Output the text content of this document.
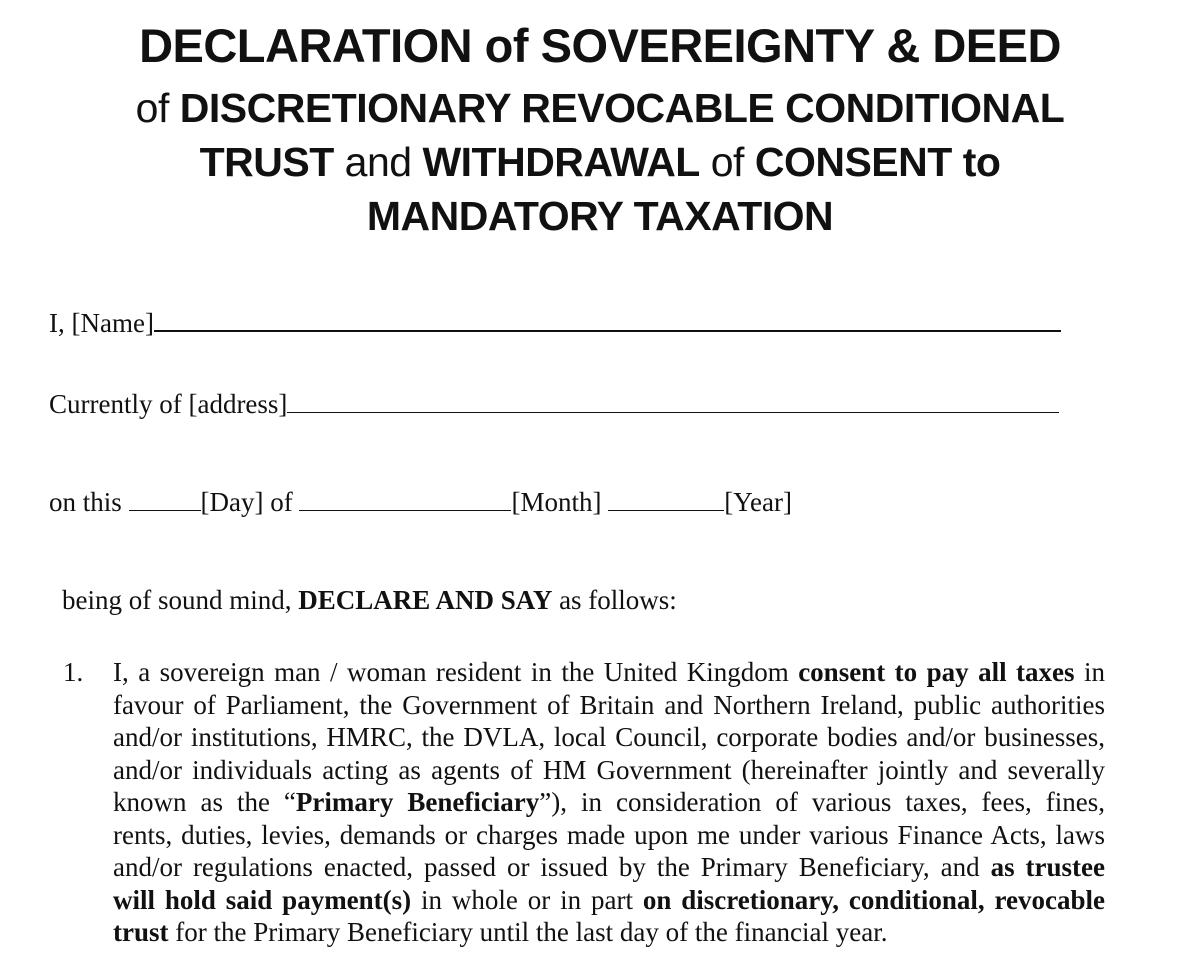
DECLARATION of SOVEREIGNTY & DEED
of DISCRETIONARY REVOCABLE CONDITIONAL
TRUST and WITHDRAWAL of CONSENT to
MANDATORY TAXATION
I, [Name]
Currently of [address]
on this	[Day] of	[Month]	[Year]
being of sound mind, DECLARE AND SAY as follows:
1. I, a sovereign man / woman resident in the United Kingdom consent to pay all taxes in
favour of Parliament, the Government of Britain and Northern Ireland, public authorities
and/or institutions, HMRC, the DVLA, local Council, corporate bodies and/or businesses,
and/or individuals acting as agents of HM Government (hereinafter jointly and severally
known as the “Primary Beneficiary”), in consideration of various taxes, fees, fines,
rents, duties, levies, demands or charges made upon me under various Finance Acts, laws
and/or regulations enacted, passed or issued by the Primary Beneficiary, and as trustee
will hold said payment(s) in whole or in part on discretionary, conditional, revocable
trust for the Primary Beneficiary until the last day of the financial year.
